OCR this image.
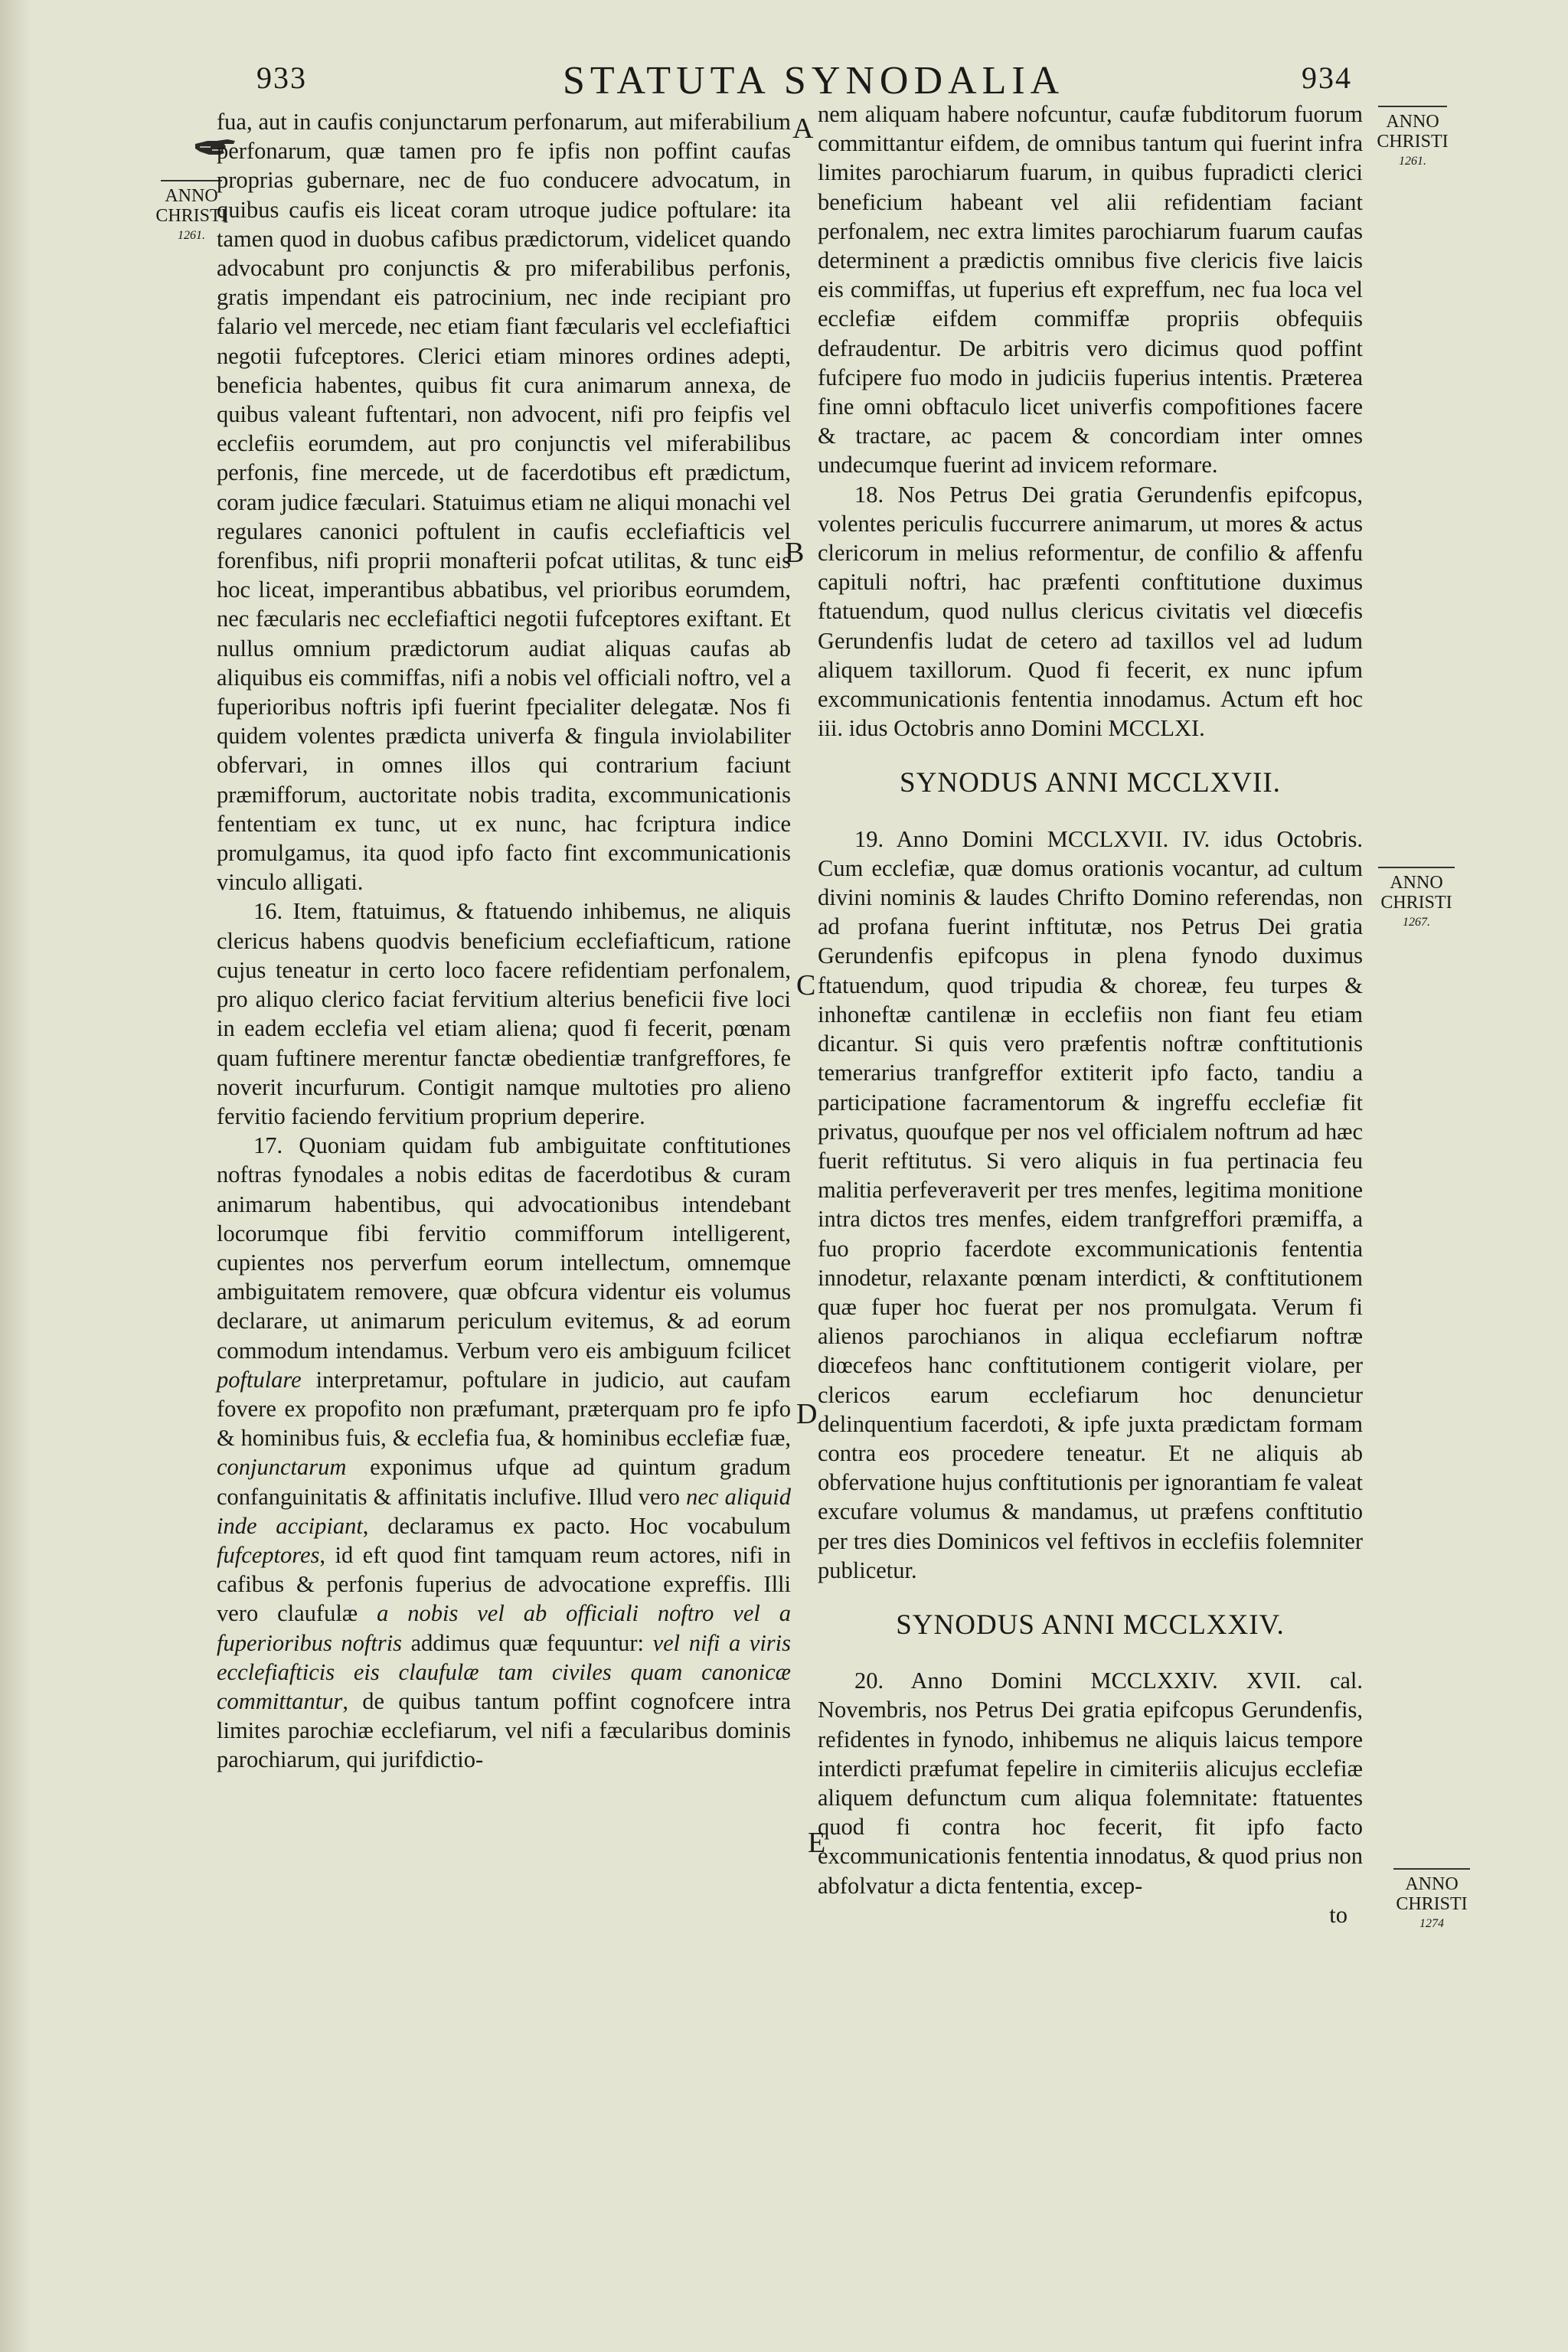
933	STATUTA SYNODALIA	934
ANNO
CHRISTI
1261.
ANNO
CHRISTI
1261.
ANNO
CHRISTI
1267.
ANNO
CHRISTI
1274
A
B
C
D
E

fua, aut in caufis conjunctarum perfonarum, aut miferabilium perfonarum, quæ tamen pro fe ipfis non poffint caufas proprias gubernare, nec de fuo conducere advocatum, in quibus caufis eis liceat coram utroque judice poftulare: ita tamen quod in duobus cafibus prædictorum, videlicet quando advocabunt pro conjunctis & pro miferabilibus perfonis, gratis impendant eis patrocinium, nec inde recipiant pro falario vel mercede, nec etiam fiant fæcularis vel ecclefiaftici negotii fufceptores. Clerici etiam minores ordines adepti, beneficia habentes, quibus fit cura animarum annexa, de quibus valeant fuftentari, non advocent, nifi pro feipfis vel ecclefiis eorumdem, aut pro conjunctis vel miferabilibus perfonis, fine mercede, ut de facerdotibus eft prædictum, coram judice fæculari. Statuimus etiam ne aliqui monachi vel regulares canonici poftulent in caufis ecclefiafticis vel forenfibus, nifi proprii monafterii pofcat utilitas, & tunc eis hoc liceat, imperantibus abbatibus, vel prioribus eorumdem, nec fæcularis nec ecclefiaftici negotii fufceptores exiftant. Et nullus omnium prædictorum audiat aliquas caufas ab aliquibus eis commiffas, nifi a nobis vel officiali noftro, vel a fuperioribus noftris ipfi fuerint fpecialiter delegatæ. Nos fi quidem volentes prædicta univerfa & fingula inviolabiliter obfervari, in omnes illos qui contrarium faciunt præmifforum, auctoritate nobis tradita, excommunicationis fententiam ex tunc, ut ex nunc, hac fcriptura indice promulgamus, ita quod ipfo facto fint excommunicationis vinculo alligati.

16. Item, ftatuimus, & ftatuendo inhibemus, ne aliquis clericus habens quodvis beneficium ecclefiafticum, ratione cujus teneatur in certo loco facere refidentiam perfonalem, pro aliquo clerico faciat fervitium alterius beneficii five loci in eadem ecclefia vel etiam aliena; quod fi fecerit, pœnam quam fuftinere merentur fanctæ obedientiæ tranfgreffores, fe noverit incurfurum. Contigit namque multoties pro alieno fervitio faciendo fervitium proprium deperire.

17. Quoniam quidam fub ambiguitate conftitutiones noftras fynodales a nobis editas de facerdotibus & curam animarum habentibus, qui advocationibus intendebant locorumque fibi fervitio commifforum intelligerent, cupientes nos perverfum eorum intellectum, omnemque ambiguitatem removere, quæ obfcura videntur eis volumus declarare, ut animarum periculum evitemus, & ad eorum commodum intendamus. Verbum vero eis ambiguum fcilicet poftulare interpretamur, poftulare in judicio, aut caufam fovere ex propofito non præfumant, præterquam pro fe ipfo & hominibus fuis, & ecclefia fua, & hominibus ecclefiæ fuæ, conjunctarum exponimus ufque ad quintum gradum confanguinitatis & affinitatis inclufive. Illud vero nec aliquid inde accipiant, declaramus ex pacto. Hoc vocabulum fufceptores, id eft quod fint tamquam reum actores, nifi in cafibus & perfonis fuperius de advocatione expreffis. Illi vero claufulæ a nobis vel ab officiali noftro vel a fuperioribus noftris addimus quæ fequuntur: vel nifi a viris ecclefiafticis eis claufulæ tam civiles quam canonicæ committantur, de quibus tantum poffint cognofcere intra limites parochiæ ecclefiarum, vel nifi a fæcularibus dominis parochiarum, qui jurifdictio-

nem aliquam habere nofcuntur, caufæ fubditorum fuorum committantur eifdem, de omnibus tantum qui fuerint infra limites parochiarum fuarum, in quibus fupradicti clerici beneficium habeant vel alii refidentiam faciant perfonalem, nec extra limites parochiarum fuarum caufas determinent a prædictis omnibus five clericis five laicis eis commiffas, ut fuperius eft expreffum, nec fua loca vel ecclefiæ eifdem commiffæ propriis obfequiis defraudentur. De arbitris vero dicimus quod poffint fufcipere fuo modo in judiciis fuperius intentis. Præterea fine omni obftaculo licet univerfis compofitiones facere & tractare, ac pacem & concordiam inter omnes undecumque fuerint ad invicem reformare.

18. Nos Petrus Dei gratia Gerundenfis epifcopus, volentes periculis fuccurrere animarum, ut mores & actus clericorum in melius reformentur, de confilio & affenfu capituli noftri, hac præfenti conftitutione duximus ftatuendum, quod nullus clericus civitatis vel diœcefis Gerundenfis ludat de cetero ad taxillos vel ad ludum aliquem taxillorum. Quod fi fecerit, ex nunc ipfum excommunicationis fententia innodamus. Actum eft hoc iii. idus Octobris anno Domini MCCLXI.

SYNODUS ANNI MCCLXVII.

19. Anno Domini MCCLXVII. IV. idus Octobris. Cum ecclefiæ, quæ domus orationis vocantur, ad cultum divini nominis & laudes Chrifto Domino referendas, non ad profana fuerint inftitutæ, nos Petrus Dei gratia Gerundenfis epifcopus in plena fynodo duximus ftatuendum, quod tripudia & choreæ, feu turpes & inhoneftæ cantilenæ in ecclefiis non fiant feu etiam dicantur. Si quis vero præfentis noftræ conftitutionis temerarius tranfgreffor extiterit ipfo facto, tandiu a participatione facramentorum & ingreffu ecclefiæ fit privatus, quoufque per nos vel officialem noftrum ad hæc fuerit reftitutus. Si vero aliquis in fua pertinacia feu malitia perfeveraverit per tres menfes, legitima monitione intra dictos tres menfes, eidem tranfgreffori præmiffa, a fuo proprio facerdote excommunicationis fententia innodetur, relaxante pœnam interdicti, & conftitutionem quæ fuper hoc fuerat per nos promulgata. Verum fi alienos parochianos in aliqua ecclefiarum noftræ diœcefeos hanc conftitutionem contigerit violare, per clericos earum ecclefiarum hoc denuncietur delinquentium facerdoti, & ipfe juxta prædictam formam contra eos procedere teneatur. Et ne aliquis ab obfervatione hujus conftitutionis per ignorantiam fe valeat excufare volumus & mandamus, ut præfens conftitutio per tres dies Dominicos vel feftivos in ecclefiis folemniter publicetur.

SYNODUS ANNI MCCLXXIV.

20. Anno Domini MCCLXXIV. XVII. cal. Novembris, nos Petrus Dei gratia epifcopus Gerundenfis, refidentes in fynodo, inhibemus ne aliquis laicus tempore interdicti præfumat fepelire in cimiteriis alicujus ecclefiæ aliquem defunctum cum aliqua folemnitate: ftatuentes quod fi contra hoc fecerit, fit ipfo facto excommunicationis fententia innodatus, & quod prius non abfolvatur a dicta fententia, excep-

to
